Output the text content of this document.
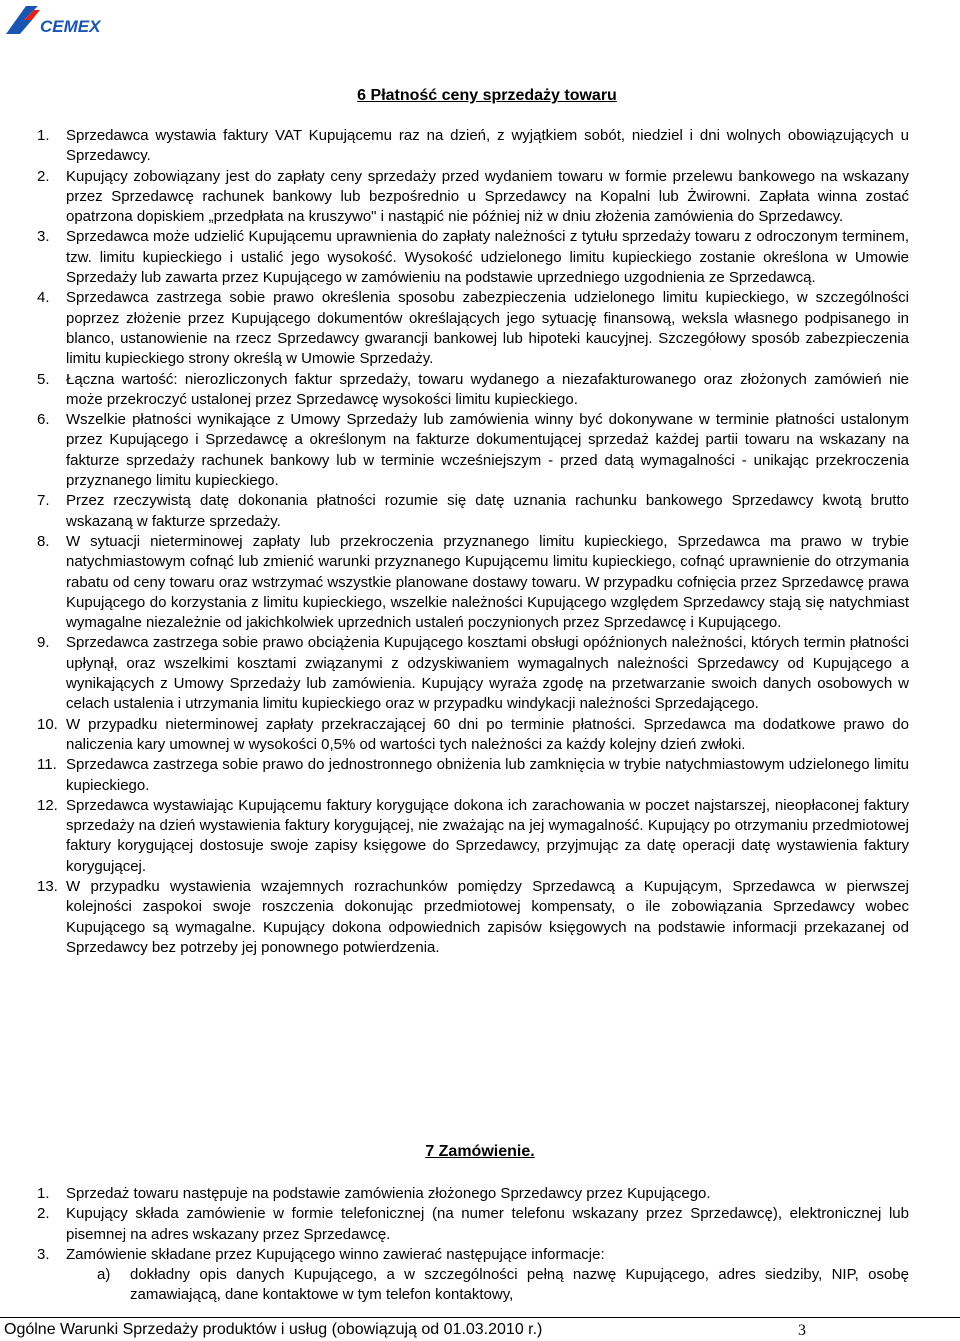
CEMEX
6 Płatność ceny sprzedaży towaru
1. Sprzedawca wystawia faktury VAT Kupującemu raz na dzień, z wyjątkiem sobót, niedziel i dni wolnych obowiązujących u Sprzedawcy.
2. Kupujący zobowiązany jest do zapłaty ceny sprzedaży przed wydaniem towaru w formie przelewu bankowego na wskazany przez Sprzedawcę rachunek bankowy lub bezpośrednio u Sprzedawcy na Kopalni lub Żwirowni. Zapłata winna zostać opatrzona dopiskiem „przedpłata na kruszywo" i nastąpić nie później niż w dniu złożenia zamówienia do Sprzedawcy.
3. Sprzedawca może udzielić Kupującemu uprawnienia do zapłaty należności z tytułu sprzedaży towaru z odroczonym terminem, tzw. limitu kupieckiego i ustalić jego wysokość. Wysokość udzielonego limitu kupieckiego zostanie określona w Umowie Sprzedaży lub zawarta przez Kupującego w zamówieniu na podstawie uprzedniego uzgodnienia ze Sprzedawcą.
4. Sprzedawca zastrzega sobie prawo określenia sposobu zabezpieczenia udzielonego limitu kupieckiego, w szczególności poprzez złożenie przez Kupującego dokumentów określających jego sytuację finansową, weksla własnego podpisanego in blanco, ustanowienie na rzecz Sprzedawcy gwarancji bankowej lub hipoteki kaucyjnej. Szczegółowy sposób zabezpieczenia limitu kupieckiego strony określą w Umowie Sprzedaży.
5. Łączna wartość: nierozliczonych faktur sprzedaży, towaru wydanego a niezafakturowanego oraz złożonych zamówień nie może przekroczyć ustalonej przez Sprzedawcę wysokości limitu kupieckiego.
6. Wszelkie płatności wynikające z Umowy Sprzedaży lub zamówienia winny być dokonywane w terminie płatności ustalonym przez Kupującego i Sprzedawcę a określonym na fakturze dokumentującej sprzedaż każdej partii towaru na wskazany na fakturze sprzedaży rachunek bankowy lub w terminie wcześniejszym - przed datą wymagalności - unikając przekroczenia przyznanego limitu kupieckiego.
7. Przez rzeczywistą datę dokonania płatności rozumie się datę uznania rachunku bankowego Sprzedawcy kwotą brutto wskazaną w fakturze sprzedaży.
8. W sytuacji nieterminowej zapłaty lub przekroczenia przyznanego limitu kupieckiego, Sprzedawca ma prawo w trybie natychmiastowym cofnąć lub zmienić warunki przyznanego Kupującemu limitu kupieckiego, cofnąć uprawnienie do otrzymania rabatu od ceny towaru oraz wstrzymać wszystkie planowane dostawy towaru. W przypadku cofnięcia przez Sprzedawcę prawa Kupującego do korzystania z limitu kupieckiego, wszelkie należności Kupującego względem Sprzedawcy stają się natychmiast wymagalne niezależnie od jakichkolwiek uprzednich ustaleń poczynionych przez Sprzedawcę i Kupującego.
9. Sprzedawca zastrzega sobie prawo obciążenia Kupującego kosztami obsługi opóźnionych należności, których termin płatności upłynął, oraz wszelkimi kosztami związanymi z odzyskiwaniem wymagalnych należności Sprzedawcy od Kupującego a wynikających z Umowy Sprzedaży lub zamówienia. Kupujący wyraża zgodę na przetwarzanie swoich danych osobowych w celach ustalenia i utrzymania limitu kupieckiego oraz w przypadku windykacji należności Sprzedającego.
10. W przypadku nieterminowej zapłaty przekraczającej 60 dni po terminie płatności. Sprzedawca ma dodatkowe prawo do naliczenia kary umownej w wysokości 0,5% od wartości tych należności za każdy kolejny dzień zwłoki.
11. Sprzedawca zastrzega sobie prawo do jednostronnego obniżenia lub zamknięcia w trybie natychmiastowym udzielonego limitu kupieckiego.
12. Sprzedawca wystawiając Kupującemu faktury korygujące dokona ich zarachowania w poczet najstarszej, nieopłaconej faktury sprzedaży na dzień wystawienia faktury korygującej, nie zważając na jej wymagalność. Kupujący po otrzymaniu przedmiotowej faktury korygującej dostosuje swoje zapisy księgowe do Sprzedawcy, przyjmując za datę operacji datę wystawienia faktury korygującej.
13. W przypadku wystawienia wzajemnych rozrachunków pomiędzy Sprzedawcą a Kupującym, Sprzedawca w pierwszej kolejności zaspokoi swoje roszczenia dokonując przedmiotowej kompensaty, o ile zobowiązania Sprzedawcy wobec Kupującego są wymagalne. Kupujący dokona odpowiednich zapisów księgowych na podstawie informacji przekazanej od Sprzedawcy bez potrzeby jej ponownego potwierdzenia.
7 Zamówienie.
1. Sprzedaż towaru następuje na podstawie zamówienia złożonego Sprzedawcy przez Kupującego.
2. Kupujący składa zamówienie w formie telefonicznej (na numer telefonu wskazany przez Sprzedawcę), elektronicznej lub pisemnej na adres wskazany przez Sprzedawcę.
3. Zamówienie składane przez Kupującego winno zawierać następujące informacje:
a) dokładny opis danych Kupującego, a w szczególności pełną nazwę Kupującego, adres siedziby, NIP, osobę zamawiającą, dane kontaktowe w tym telefon kontaktowy,
Ogólne Warunki Sprzedaży produktów i usług (obowiązują od 01.03.2010 r.)	3
